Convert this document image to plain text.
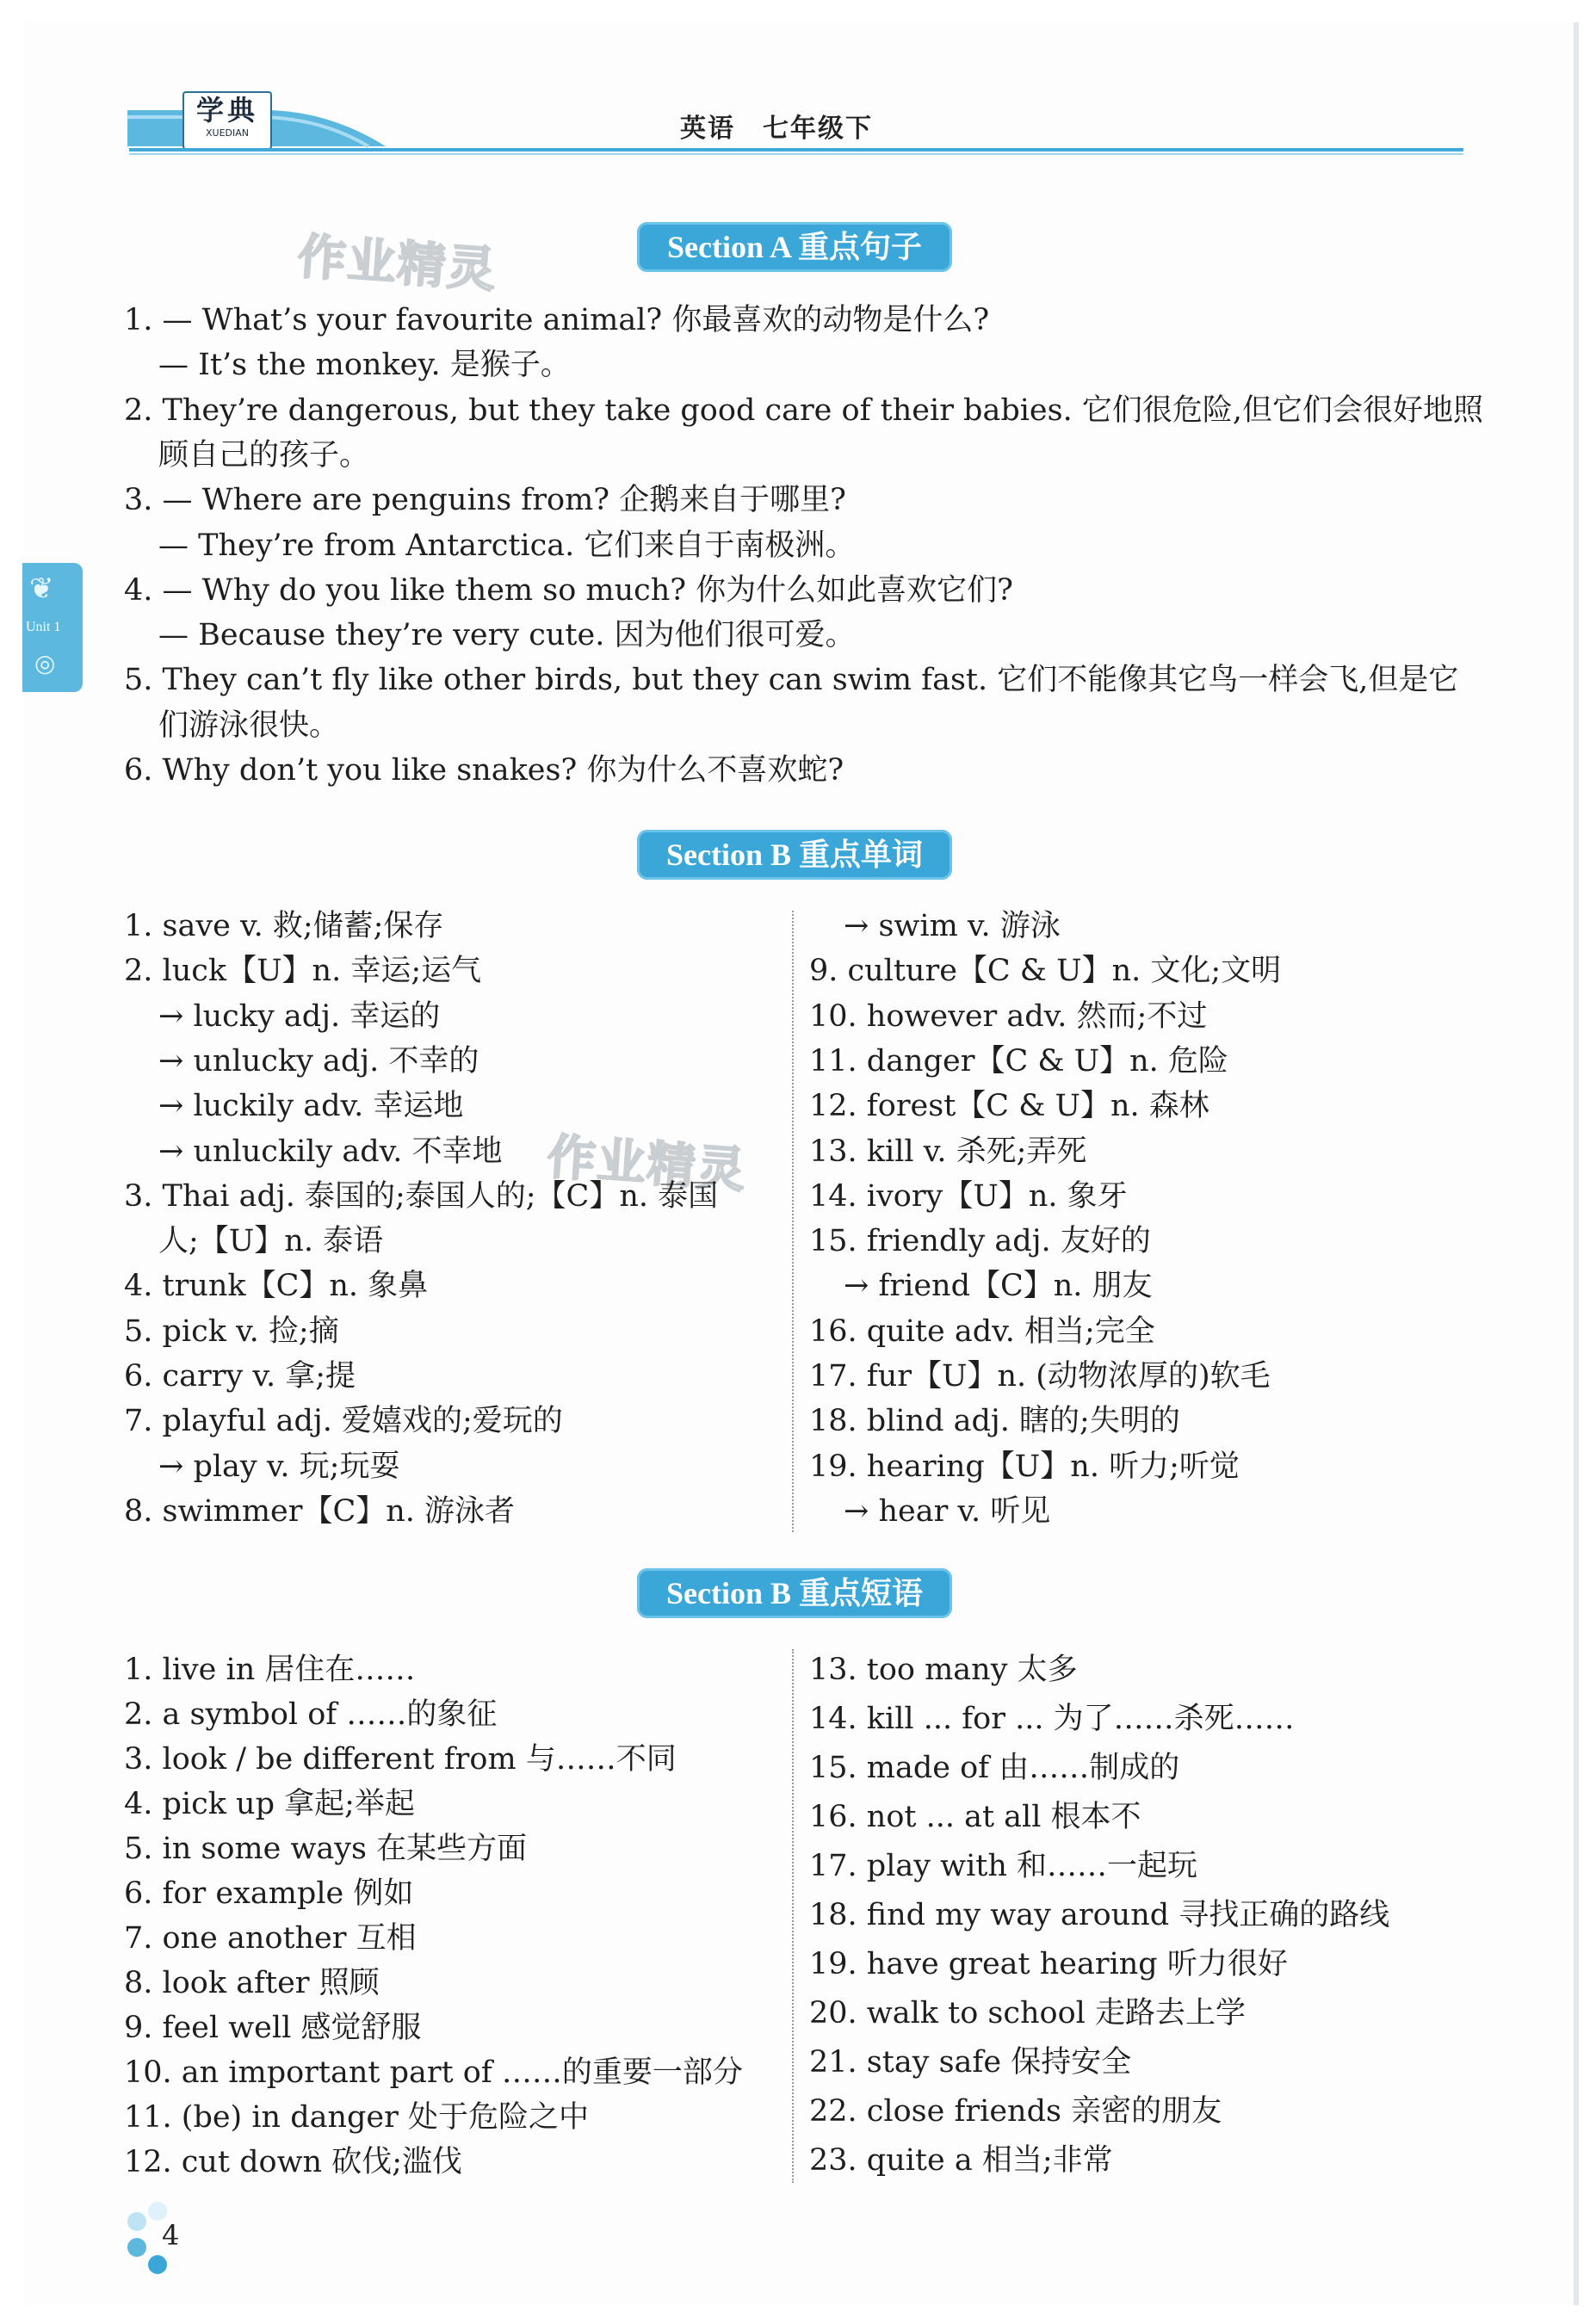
学典
XUEDIAN	英语　七年级下
❦
Unit 1
◎
作业精灵
作业精灵
Section A 重点句子
Section B 重点单词
Section B 重点短语
4
1. — What’s your favourite animal? 你最喜欢的动物是什么?
— It’s the monkey. 是猴子。
2. They’re dangerous, but they take good care of their babies. 它们很危险,但它们会很好地照
顾自己的孩子。
3. — Where are penguins from? 企鹅来自于哪里?
— They’re from Antarctica. 它们来自于南极洲。
4. — Why do you like them so much? 你为什么如此喜欢它们?
— Because they’re very cute. 因为他们很可爱。
5. They can’t fly like other birds, but they can swim fast. 它们不能像其它鸟一样会飞,但是它
们游泳很快。
6. Why don’t you like snakes? 你为什么不喜欢蛇?
1. save v. 救;储蓄;保存
2. luck【U】n. 幸运;运气
→ lucky adj. 幸运的
→ unlucky adj. 不幸的
→ luckily adv. 幸运地
→ unluckily adv. 不幸地
3. Thai adj. 泰国的;泰国人的;【C】n. 泰国
人;【U】n. 泰语
4. trunk【C】n. 象鼻
5. pick v. 捡;摘
6. carry v. 拿;提
7. playful adj. 爱嬉戏的;爱玩的
→ play v. 玩;玩耍
8. swimmer【C】n. 游泳者
→ swim v. 游泳
9. culture【C & U】n. 文化;文明
10. however adv. 然而;不过
11. danger【C & U】n. 危险
12. forest【C & U】n. 森林
13. kill v. 杀死;弄死
14. ivory【U】n. 象牙
15. friendly adj. 友好的
→ friend【C】n. 朋友
16. quite adv. 相当;完全
17. fur【U】n. (动物浓厚的)软毛
18. blind adj. 瞎的;失明的
19. hearing【U】n. 听力;听觉
→ hear v. 听见
1. live in 居住在……
2. a symbol of ……的象征
3. look / be different from 与……不同
4. pick up 拿起;举起
5. in some ways 在某些方面
6. for example 例如
7. one another 互相
8. look after 照顾
9. feel well 感觉舒服
10. an important part of ……的重要一部分
11. (be) in danger 处于危险之中
12. cut down 砍伐;滥伐
13. too many 太多
14. kill ... for ... 为了……杀死……
15. made of 由……制成的
16. not ... at all 根本不
17. play with 和……一起玩
18. find my way around 寻找正确的路线
19. have great hearing 听力很好
20. walk to school 走路去上学
21. stay safe 保持安全
22. close friends 亲密的朋友
23. quite a 相当;非常
